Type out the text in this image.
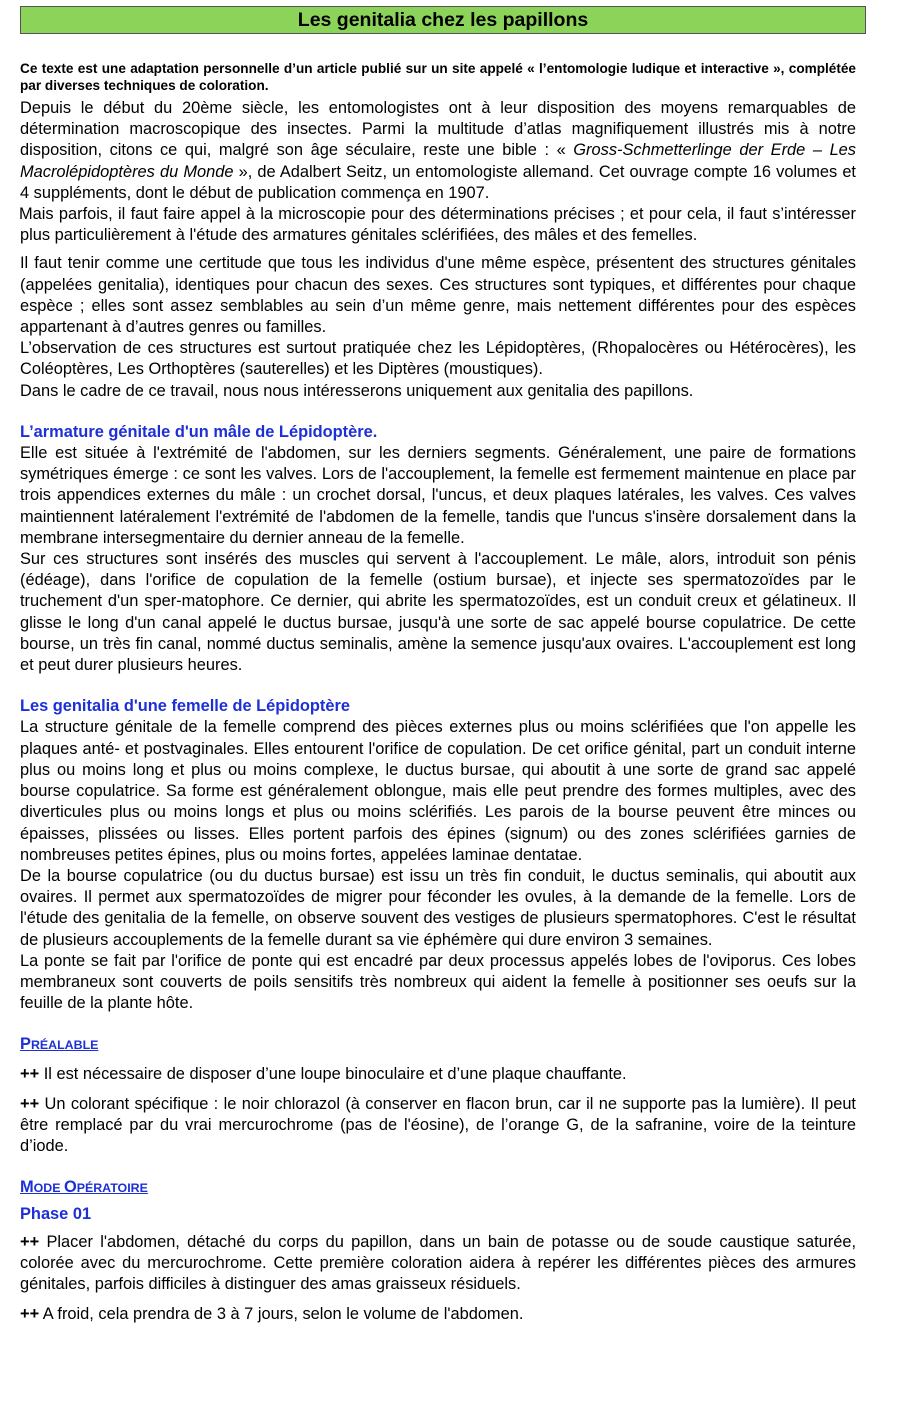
Les genitalia chez les papillons
Ce texte est une adaptation personnelle d’un article publié sur un site appelé « l’entomologie ludique et interactive », complétée par diverses techniques de coloration.

Depuis le début du 20ème siècle, les entomologistes ont à leur disposition des moyens remarquables de détermination macroscopique des insectes. Parmi la multitude d’atlas magnifiquement illustrés mis à notre disposition, citons ce qui, malgré son âge séculaire, reste une bible : « Gross-Schmetterlinge der Erde – Les Macrolépidoptères du Monde », de Adalbert Seitz, un entomologiste allemand. Cet ouvrage compte 16 volumes et 4 suppléments, dont le début de publication commença en 1907.

Mais parfois, il faut faire appel à la microscopie pour des déterminations précises ; et pour cela, il faut s’intéresser plus particulièrement à l'étude des armatures génitales sclérifiées, des mâles et des femelles.

Il faut tenir comme une certitude que tous les individus d'une même espèce, présentent des structures génitales (appelées genitalia), identiques pour chacun des sexes. Ces structures sont typiques, et différentes pour chaque espèce ; elles sont assez semblables au sein d’un même genre, mais nettement différentes pour des espèces appartenant à d’autres genres ou familles.

L’observation de ces structures est surtout pratiquée chez les Lépidoptères, (Rhopalocères ou Hétérocères), les Coléoptères, Les Orthoptères (sauterelles) et les Diptères (moustiques).

Dans le cadre de ce travail, nous nous intéresserons uniquement aux genitalia des papillons.

L’armature génitale d'un mâle de Lépidoptère.

Elle est située à l'extrémité de l'abdomen, sur les derniers segments. Généralement, une paire de formations symétriques émerge : ce sont les valves. Lors de l'accouplement, la femelle est fermement maintenue en place par trois appendices externes du mâle : un crochet dorsal, l'uncus, et deux plaques latérales, les valves. Ces valves maintiennent latéralement l'extrémité de l'abdomen de la femelle, tandis que l'uncus s'insère dorsalement dans la membrane intersegmentaire du dernier anneau de la femelle.

Sur ces structures sont insérés des muscles qui servent à l'accouplement. Le mâle, alors, introduit son pénis (édéage), dans l'orifice de copulation de la femelle (ostium bursae), et injecte ses spermatozoïdes par le truchement d'un sper-matophore. Ce dernier, qui abrite les spermatozoïdes, est un conduit creux et gélatineux. Il glisse le long d'un canal appelé le ductus bursae, jusqu'à une sorte de sac appelé bourse copulatrice. De cette bourse, un très fin canal, nommé ductus seminalis, amène la semence jusqu'aux ovaires. L'accouplement est long et peut durer plusieurs heures.

Les genitalia d'une femelle de Lépidoptère

La structure génitale de la femelle comprend des pièces externes plus ou moins sclérifiées que l'on appelle les plaques anté- et postvaginales. Elles entourent l'orifice de copulation. De cet orifice génital, part un conduit interne plus ou moins long et plus ou moins complexe, le ductus bursae, qui aboutit à une sorte de grand sac appelé bourse copulatrice. Sa forme est généralement oblongue, mais elle peut prendre des formes multiples, avec des diverticules plus ou moins longs et plus ou moins sclérifiés. Les parois de la bourse peuvent être minces ou épaisses, plissées ou lisses. Elles portent parfois des épines (signum) ou des zones sclérifiées garnies de nombreuses petites épines, plus ou moins fortes, appelées laminae dentatae.

De la bourse copulatrice (ou du ductus bursae) est issu un très fin conduit, le ductus seminalis, qui aboutit aux ovaires. Il permet aux spermatozoïdes de migrer pour féconder les ovules, à la demande de la femelle. Lors de l'étude des genitalia de la femelle, on observe souvent des vestiges de plusieurs spermatophores. C'est le résultat de plusieurs accouplements de la femelle durant sa vie éphémère qui dure environ 3 semaines.

La ponte se fait par l'orifice de ponte qui est encadré par deux processus appelés lobes de l'oviporus. Ces lobes membraneux sont couverts de poils sensitifs très nombreux qui aident la femelle à positionner ses oeufs sur la feuille de la plante hôte.

PRÉALABLE

++ Il est nécessaire de disposer d’une loupe binoculaire et d’une plaque chauffante.

++ Un colorant spécifique : le noir chlorazol (à conserver en flacon brun, car il ne supporte pas la lumière). Il peut être remplacé par du vrai mercurochrome (pas de l'éosine), de l’orange G, de la safranine, voire de la teinture d’iode.

MODE OPÉRATOIRE
Phase 01

++ Placer l'abdomen, détaché du corps du papillon, dans un bain de potasse ou de soude caustique saturée, colorée avec du mercurochrome. Cette première coloration aidera à repérer les différentes pièces des armures génitales, parfois difficiles à distinguer des amas graisseux résiduels.

++ A froid, cela prendra de 3 à 7 jours, selon le volume de l'abdomen.
